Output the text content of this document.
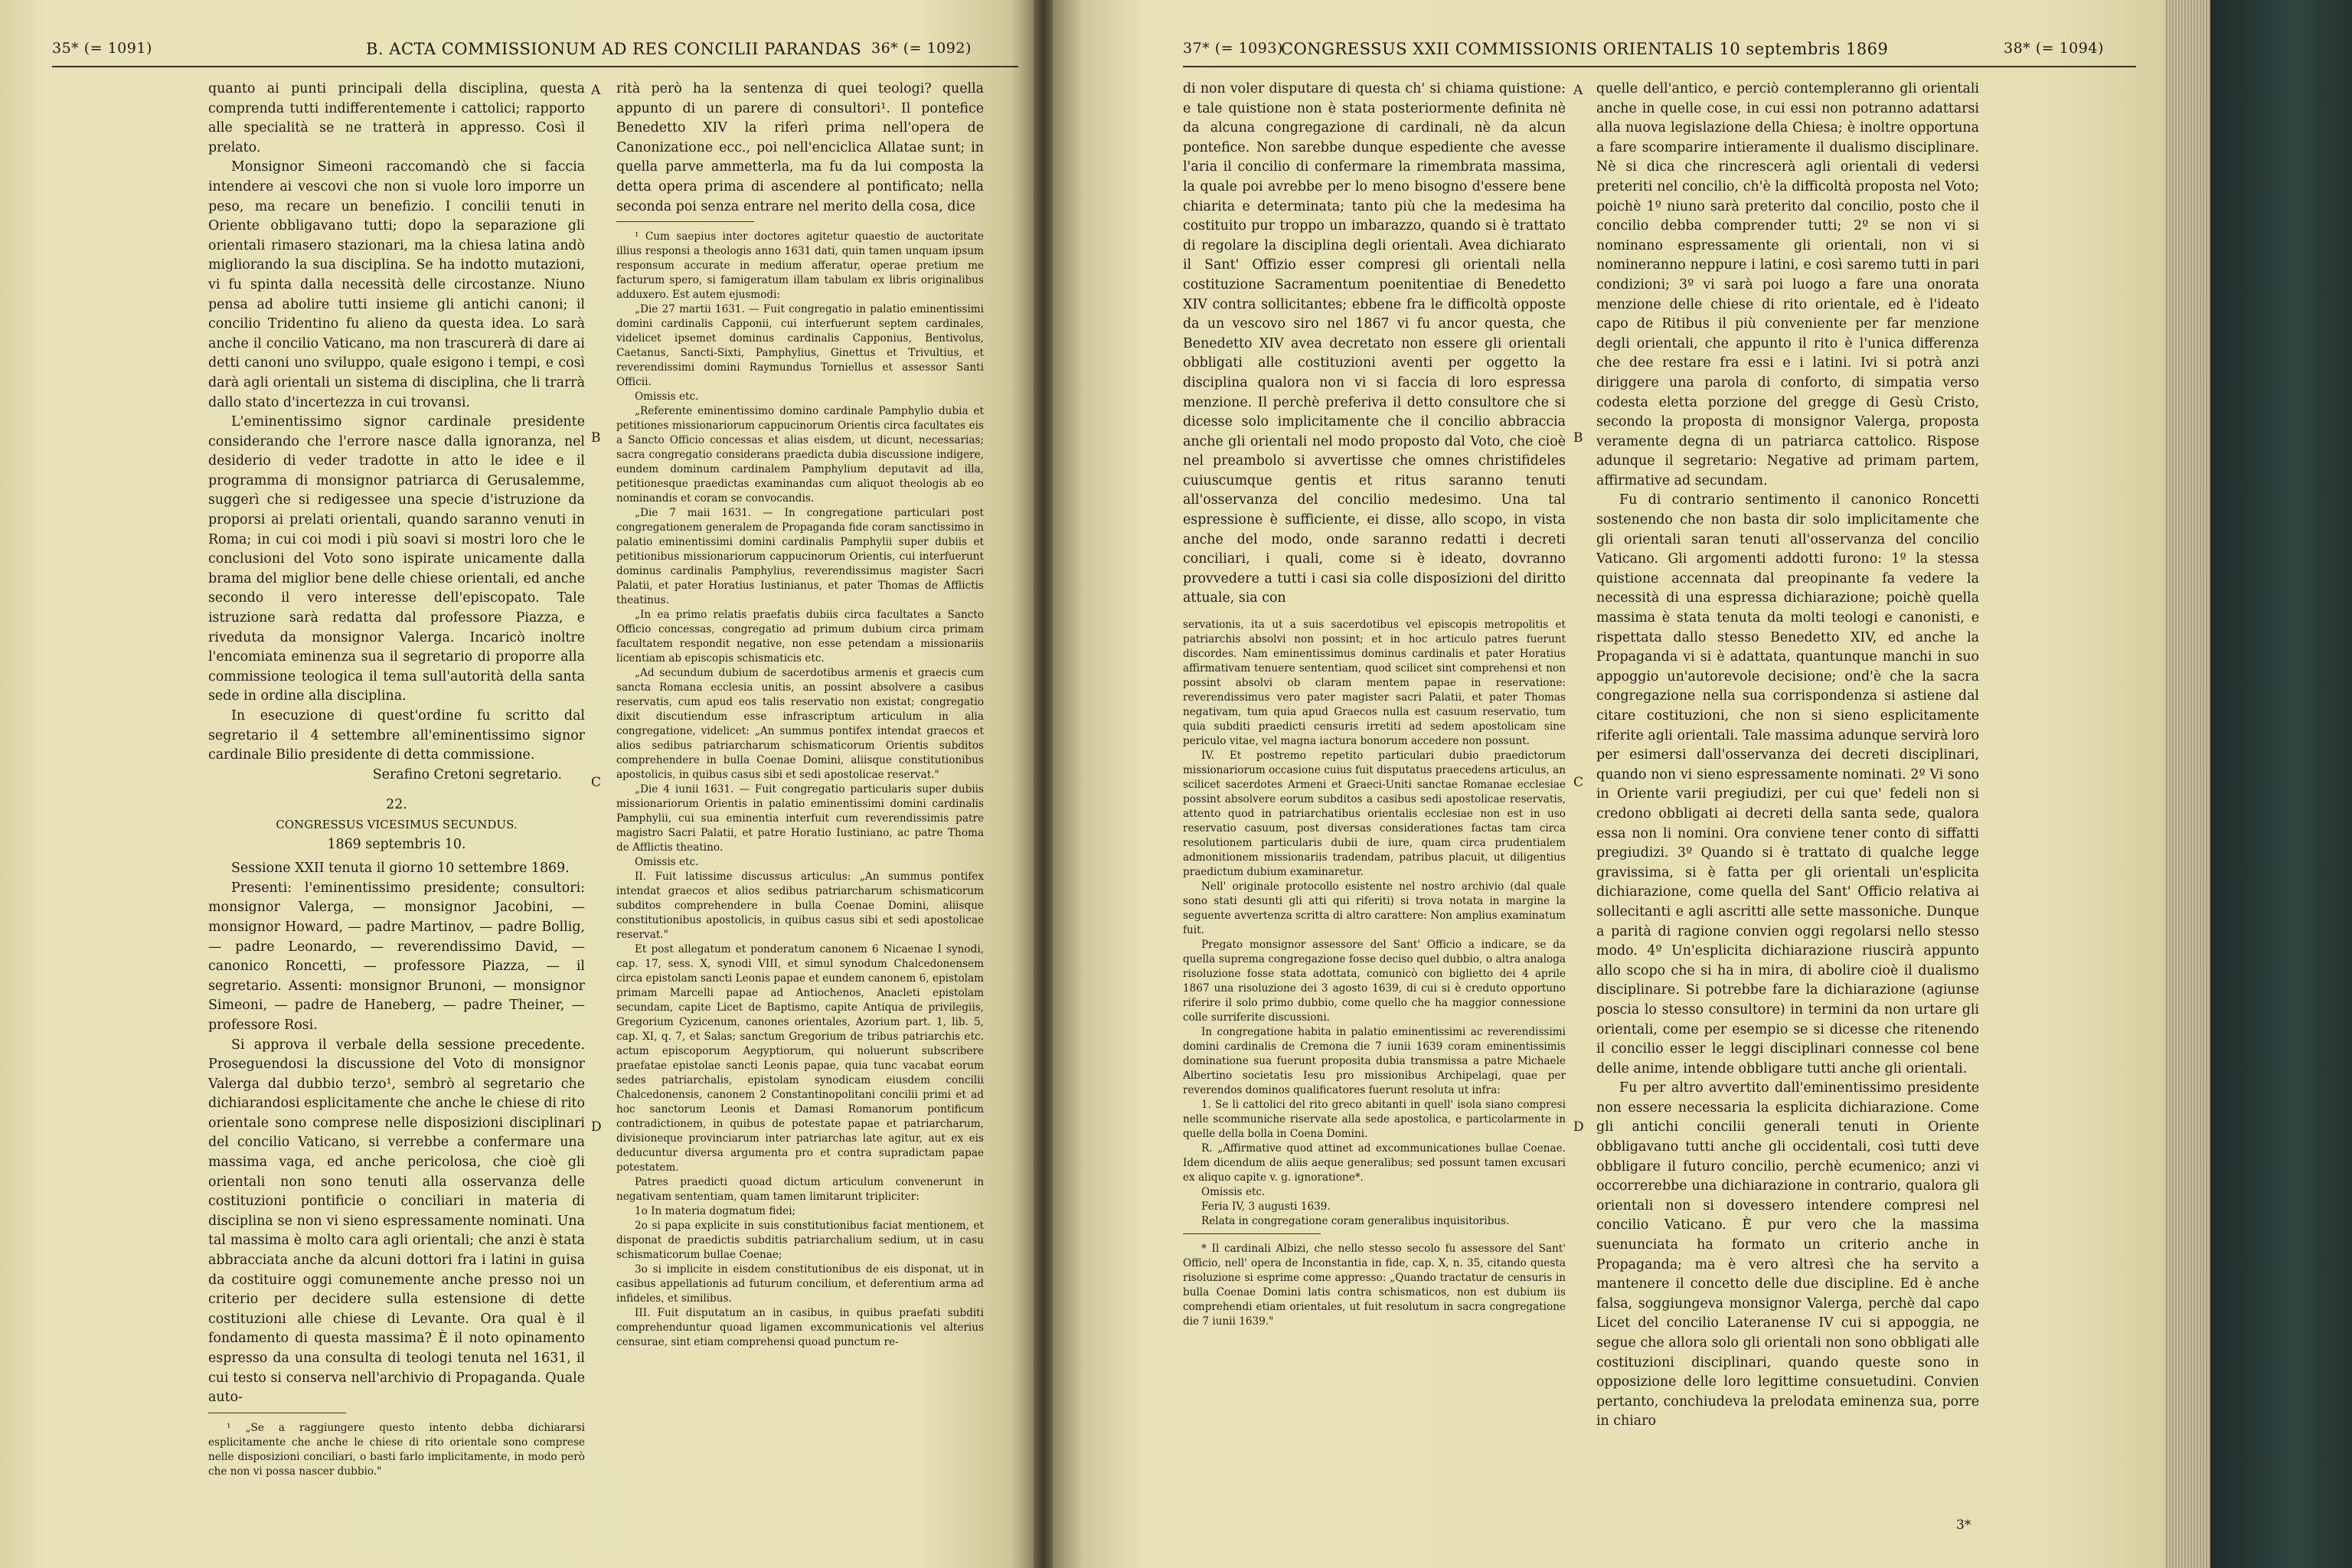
35* (= 1091)	B. ACTA COMMISSIONUM AD RES CONCILII PARANDAS 36* (= 1092)

quanto ai punti principali della disciplina, questa comprenda tutti indifferentemente i cattolici; rapporto alle specialità se ne tratterà in appresso. Così il prelato.

Monsignor Simeoni raccomandò che si faccia intendere ai vescovi che non si vuole loro imporre un peso, ma recare un benefizio. I concilii tenuti in Oriente obbligavano tutti; dopo la separazione gli orientali rimasero stazionari, ma la chiesa latina andò migliorando la sua disciplina. Se ha indotto mutazioni, vi fu spinta dalla necessità delle circostanze. Niuno pensa ad abolire tutti insieme gli antichi canoni; il concilio Tridentino fu alieno da questa idea. Lo sarà anche il concilio Vaticano, ma non trascurerà di dare ai detti canoni uno sviluppo, quale esigono i tempi, e così darà agli orientali un sistema di disciplina, che li trarrà dallo stato d'incertezza in cui trovansi.

L'eminentissimo signor cardinale presidente considerando che l'errore nasce dalla ignoranza, nel desiderio di veder tradotte in atto le idee e il programma di monsignor patriarca di Gerusalemme, suggerì che si redigessee una specie d'istruzione da proporsi ai prelati orientali, quando saranno venuti in Roma; in cui coi modi i più soavi si mostri loro che le conclusioni del Voto sono ispirate unicamente dalla brama del miglior bene delle chiese orientali, ed anche secondo il vero interesse dell'episcopato. Tale istruzione sarà redatta dal professore Piazza, e riveduta da monsignor Valerga. Incaricò inoltre l'encomiata eminenza sua il segretario di proporre alla commissione teologica il tema sull'autorità della santa sede in ordine alla disciplina.

In esecuzione di quest'ordine fu scritto dal segretario il 4 settembre all'eminentissimo signor cardinale Bilio presidente di detta commissione.

Serafino Cretoni segretario.

22.

CONGRESSUS VICESIMUS SECUNDUS.

1869 septembris 10.

Sessione XXII tenuta il giorno 10 settembre 1869.

Presenti: l'eminentissimo presidente; consultori: monsignor Valerga, — monsignor Jacobini, — monsignor Howard, — padre Martinov, — padre Bollig, — padre Leonardo, — reverendissimo David, — canonico Roncetti, — professore Piazza, — il segretario. Assenti: monsignor Brunoni, — monsignor Simeoni, — padre de Haneberg, — padre Theiner, — professore Rosi.

Si approva il verbale della sessione precedente. Proseguendosi la discussione del Voto di monsignor Valerga dal dubbio terzo¹, sembrò al segretario che dichiarandosi esplicitamente che anche le chiese di rito orientale sono comprese nelle disposizioni disciplinari del concilio Vaticano, si verrebbe a confermare una massima vaga, ed anche pericolosa, che cioè gli orientali non sono tenuti alla osservanza delle costituzioni pontificie o conciliari in materia di disciplina se non vi sieno espressamente nominati. Una tal massima è molto cara agli orientali; che anzi è stata abbracciata anche da alcuni dottori fra i latini in guisa da costituire oggi comunemente anche presso noi un criterio per decidere sulla estensione di dette costituzioni alle chiese di Levante. Ora qual è il fondamento di questa massima? È il noto opinamento espresso da una consulta di teologi tenuta nel 1631, il cui testo si conserva nell'archivio di Propaganda. Quale auto-

¹ „Se a raggiungere questo intento debba dichiararsi esplicitamente che anche le chiese di rito orientale sono comprese nelle disposizioni conciliari, o basti farlo implicitamente, in modo però che non vi possa nascer dubbio."

rità però ha la sentenza di quei teologi? quella appunto di un parere di consultori¹. Il pontefice Benedetto XIV la riferì prima nell'opera de Canonizatione ecc., poi nell'enciclica Allatae sunt; in quella parve ammetterla, ma fu da lui composta la detta opera prima di ascendere al pontificato; nella seconda poi senza entrare nel merito della cosa, dice

¹ Cum saepius inter doctores agitetur quaestio de auctoritate illius responsi a theologis anno 1631 dati, quin tamen unquam ipsum responsum accurate in medium afferatur, operae pretium me facturum spero, si famigeratum illam tabulam ex libris originalibus adduxero. Est autem ejusmodi:

„Die 27 martii 1631. — Fuit congregatio in palatio eminentissimi domini cardinalis Capponii, cui interfuerunt septem cardinales, videlicet ipsemet dominus cardinalis Capponius, Bentivolus, Caetanus, Sancti-Sixti, Pamphylius, Ginettus et Trivultius, et reverendissimi domini Raymundus Torniellus et assessor Santi Officii.

Omissis etc.

„Referente eminentissimo domino cardinale Pamphylio dubia et petitiones missionariorum cappucinorum Orientis circa facultates eis a Sancto Officio concessas et alias eisdem, ut dicunt, necessarias; sacra congregatio considerans praedicta dubia discussione indigere, eundem dominum cardinalem Pamphylium deputavit ad illa, petitionesque praedictas examinandas cum aliquot theologis ab eo nominandis et coram se convocandis.

„Die 7 maii 1631. — In congregatione particulari post congregationem generalem de Propaganda fide coram sanctissimo in palatio eminentissimi domini cardinalis Pamphylii super dubiis et petitionibus missionariorum cappucinorum Orientis, cui interfuerunt dominus cardinalis Pamphylius, reverendissimus magister Sacri Palatii, et pater Horatius Iustinianus, et pater Thomas de Afflictis theatinus.

„In ea primo relatis praefatis dubiis circa facultates a Sancto Officio concessas, congregatio ad primum dubium circa primam facultatem respondit negative, non esse petendam a missionariis licentiam ab episcopis schismaticis etc.

„Ad secundum dubium de sacerdotibus armenis et graecis cum sancta Romana ecclesia unitis, an possint absolvere a casibus reservatis, cum apud eos talis reservatio non existat; congregatio dixit discutiendum esse infrascriptum articulum in alia congregatione, videlicet: „An summus pontifex intendat graecos et alios sedibus patriarcharum schismaticorum Orientis subditos comprehendere in bulla Coenae Domini, aliisque constitutionibus apostolicis, in quibus casus sibi et sedi apostolicae reservat."

„Die 4 iunii 1631. — Fuit congregatio particularis super dubiis missionariorum Orientis in palatio eminentissimi domini cardinalis Pamphylii, cui sua eminentia interfuit cum reverendissimis patre magistro Sacri Palatii, et patre Horatio Iustiniano, ac patre Thoma de Afflictis theatino.

Omissis etc.

II. Fuit latissime discussus articulus: „An summus pontifex intendat graecos et alios sedibus patriarcharum schismaticorum subditos comprehendere in bulla Coenae Domini, aliisque constitutionibus apostolicis, in quibus casus sibi et sedi apostolicae reservat."

Et post allegatum et ponderatum canonem 6 Nicaenae I synodi, cap. 17, sess. X, synodi VIII, et simul synodum Chalcedonensem circa epistolam sancti Leonis papae et eundem canonem 6, epistolam primam Marcelli papae ad Antiochenos, Anacleti epistolam secundam, capite Licet de Baptismo, capite Antiqua de privilegiis, Gregorium Cyzicenum, canones orientales, Azorium part. 1, lib. 5, cap. XI, q. 7, et Salas; sanctum Gregorium de tribus patriarchis etc. actum episcoporum Aegyptiorum, qui noluerunt subscribere praefatae epistolae sancti Leonis papae, quia tunc vacabat eorum sedes patriarchalis, epistolam synodicam eiusdem concilii Chalcedonensis, canonem 2 Constantinopolitani concilii primi et ad hoc sanctorum Leonis et Damasi Romanorum pontificum contradictionem, in quibus de potestate papae et patriarcharum, divisioneque provinciarum inter patriarchas late agitur, aut ex eis deducuntur diversa argumenta pro et contra supradictam papae potestatem.

Patres praedicti quoad dictum articulum convenerunt in negativam sententiam, quam tamen limitarunt tripliciter:

1o In materia dogmatum fidei;

2o si papa explicite in suis constitutionibus faciat mentionem, et disponat de praedictis subditis patriarchalium sedium, ut in casu schismaticorum bullae Coenae;

3o si implicite in eisdem constitutionibus de eis disponat, ut in casibus appellationis ad futurum concilium, et deferentium arma ad infideles, et similibus.

III. Fuit disputatum an in casibus, in quibus praefati subditi comprehenduntur quoad ligamen excommunicationis vel alterius censurae, sint etiam comprehensi quoad punctum re-

A
B
C
D
37* (= 1093)
CONGRESSUS XXII COMMISSIONIS ORIENTALIS 10 septembris 1869	38* (= 1094)

di non voler disputare di questa ch' si chiama quistione: e tale quistione non è stata posteriormente definita nè da alcuna congregazione di cardinali, nè da alcun pontefice. Non sarebbe dunque espediente che avesse l'aria il concilio di confermare la rimembrata massima, la quale poi avrebbe per lo meno bisogno d'essere bene chiarita e determinata; tanto più che la medesima ha costituito pur troppo un imbarazzo, quando si è trattato di regolare la disciplina degli orientali. Avea dichiarato il Sant' Offizio esser compresi gli orientali nella costituzione Sacramentum poenitentiae di Benedetto XIV contra sollicitantes; ebbene fra le difficoltà opposte da un vescovo siro nel 1867 vi fu ancor questa, che Benedetto XIV avea decretato non essere gli orientali obbligati alle costituzioni aventi per oggetto la disciplina qualora non vi si faccia di loro espressa menzione. Il perchè preferiva il detto consultore che si dicesse solo implicitamente che il concilio abbraccia anche gli orientali nel modo proposto dal Voto, che cioè nel preambolo si avvertisse che omnes christifideles cuiuscumque gentis et ritus saranno tenuti all'osservanza del concilio medesimo. Una tal espressione è sufficiente, ei disse, allo scopo, in vista anche del modo, onde saranno redatti i decreti conciliari, i quali, come si è ideato, dovranno provvedere a tutti i casi sia colle disposizioni del diritto attuale, sia con

servationis, ita ut a suis sacerdotibus vel episcopis metropolitis et patriarchis absolvi non possint; et in hoc articulo patres fuerunt discordes. Nam eminentissimus dominus cardinalis et pater Horatius affirmativam tenuere sententiam, quod scilicet sint comprehensi et non possint absolvi ob claram mentem papae in reservatione: reverendissimus vero pater magister sacri Palatii, et pater Thomas negativam, tum quia apud Graecos nulla est casuum reservatio, tum quia subditi praedicti censuris irretiti ad sedem apostolicam sine periculo vitae, vel magna iactura bonorum accedere non possunt.

IV. Et postremo repetito particulari dubio praedictorum missionariorum occasione cuius fuit disputatus praecedens articulus, an scilicet sacerdotes Armeni et Graeci-Uniti sanctae Romanae ecclesiae possint absolvere eorum subditos a casibus sedi apostolicae reservatis, attento quod in patriarchatibus orientalis ecclesiae non est in uso reservatio casuum, post diversas considerationes factas tam circa resolutionem particularis dubii de iure, quam circa prudentialem admonitionem missionariis tradendam, patribus placuit, ut diligentius praedictum dubium examinaretur.

Nell' originale protocollo esistente nel nostro archivio (dal quale sono stati desunti gli atti qui riferiti) si trova notata in margine la seguente avvertenza scritta di altro carattere: Non amplius examinatum fuit.

Pregato monsignor assessore del Sant' Officio a indicare, se da quella suprema congregazione fosse deciso quel dubbio, o altra analoga risoluzione fosse stata adottata, comunicò con biglietto dei 4 aprile 1867 una risoluzione dei 3 agosto 1639, di cui si è creduto opportuno riferire il solo primo dubbio, come quello che ha maggior connessione colle surriferite discussioni.

In congregatione habita in palatio eminentissimi ac reverendissimi domini cardinalis de Cremona die 7 iunii 1639 coram eminentissimis dominatione sua fuerunt proposita dubia transmissa a patre Michaele Albertino societatis Iesu pro missionibus Archipelagi, quae per reverendos dominos qualificatores fuerunt resoluta ut infra:

1. Se li cattolici del rito greco abitanti in quell' isola siano compresi nelle scommuniche riservate alla sede apostolica, e particolarmente in quelle della bolla in Coena Domini.

R. „Affirmative quod attinet ad excommunicationes bullae Coenae. Idem dicendum de aliis aeque generalibus; sed possunt tamen excusari ex aliquo capite v. g. ignoratione*.

Omissis etc.

Feria IV, 3 augusti 1639.

Relata in congregatione coram generalibus inquisitoribus.

* Il cardinali Albizi, che nello stesso secolo fu assessore del Sant' Officio, nell' opera de Inconstantia in fide, cap. X, n. 35, citando questa risoluzione si esprime come appresso: „Quando tractatur de censuris in bulla Coenae Domini latis contra schismaticos, non est dubium iis comprehendi etiam orientales, ut fuit resolutum in sacra congregatione die 7 iunii 1639."

quelle dell'antico, e perciò contempleranno gli orientali anche in quelle cose, in cui essi non potranno adattarsi alla nuova legislazione della Chiesa; è inoltre opportuna a fare scomparire intieramente il dualismo disciplinare. Nè si dica che rincrescerà agli orientali di vedersi preteriti nel concilio, ch'è la difficoltà proposta nel Voto; poichè 1º niuno sarà preterito dal concilio, posto che il concilio debba comprender tutti; 2º se non vi si nominano espressamente gli orientali, non vi si nomineranno neppure i latini, e così saremo tutti in pari condizioni; 3º vi sarà poi luogo a fare una onorata menzione delle chiese di rito orientale, ed è l'ideato capo de Ritibus il più conveniente per far menzione degli orientali, che appunto il rito è l'unica differenza che dee restare fra essi e i latini. Ivi si potrà anzi diriggere una parola di conforto, di simpatia verso codesta eletta porzione del gregge di Gesù Cristo, secondo la proposta di monsignor Valerga, proposta veramente degna di un patriarca cattolico. Rispose adunque il segretario: Negative ad primam partem, affirmative ad secundam.

Fu di contrario sentimento il canonico Roncetti sostenendo che non basta dir solo implicitamente che gli orientali saran tenuti all'osservanza del concilio Vaticano. Gli argomenti addotti furono: 1º la stessa quistione accennata dal preopinante fa vedere la necessità di una espressa dichiarazione; poichè quella massima è stata tenuta da molti teologi e canonisti, e rispettata dallo stesso Benedetto XIV, ed anche la Propaganda vi si è adattata, quantunque manchi in suo appoggio un'autorevole decisione; ond'è che la sacra congregazione nella sua corrispondenza si astiene dal citare costituzioni, che non si sieno esplicitamente riferite agli orientali. Tale massima adunque servirà loro per esimersi dall'osservanza dei decreti disciplinari, quando non vi sieno espressamente nominati. 2º Vi sono in Oriente varii pregiudizi, per cui que' fedeli non si credono obbligati ai decreti della santa sede, qualora essa non li nomini. Ora conviene tener conto di siffatti pregiudizi. 3º Quando si è trattato di qualche legge gravissima, si è fatta per gli orientali un'esplicita dichiarazione, come quella del Sant' Officio relativa ai sollecitanti e agli ascritti alle sette massoniche. Dunque a parità di ragione convien oggi regolarsi nello stesso modo. 4º Un'esplicita dichiarazione riuscirà appunto allo scopo che si ha in mira, di abolire cioè il dualismo disciplinare. Si potrebbe fare la dichiarazione (agiunse poscia lo stesso consultore) in termini da non urtare gli orientali, come per esempio se si dicesse che ritenendo il concilio esser le leggi disciplinari connesse col bene delle anime, intende obbligare tutti anche gli orientali.

Fu per altro avvertito dall'eminentissimo presidente non essere necessaria la esplicita dichiarazione. Come gli antichi concilii generali tenuti in Oriente obbligavano tutti anche gli occidentali, così tutti deve obbligare il futuro concilio, perchè ecumenico; anzi vi occorrerebbe una dichiarazione in contrario, qualora gli orientali non si dovessero intendere compresi nel concilio Vaticano. È pur vero che la massima suenunciata ha formato un criterio anche in Propaganda; ma è vero altresì che ha servito a mantenere il concetto delle due discipline. Ed è anche falsa, soggiungeva monsignor Valerga, perchè dal capo Licet del concilio Lateranense IV cui si appoggia, ne segue che allora solo gli orientali non sono obbligati alle costituzioni disciplinari, quando queste sono in opposizione delle loro legittime consuetudini. Convien pertanto, conchiudeva la prelodata eminenza sua, porre in chiaro

A
B
C
D
3*
